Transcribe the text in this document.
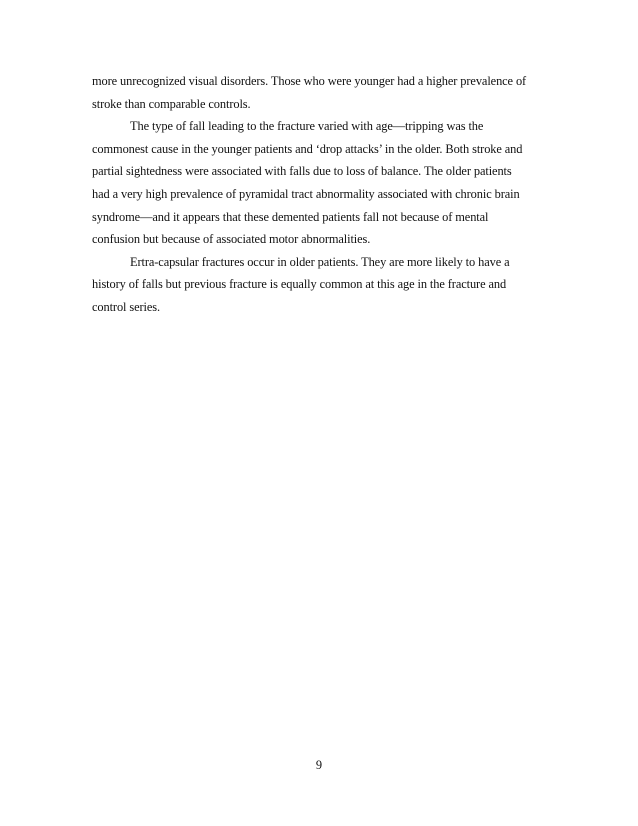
more unrecognized visual disorders. Those who were younger had a higher prevalence of
stroke than comparable controls.
The type of fall leading to the fracture varied with age—tripping was the
commonest cause in the younger patients and ‘drop attacks’ in the older. Both stroke and
partial sightedness were associated with falls due to loss of balance. The older patients
had a very high prevalence of pyramidal tract abnormality associated with chronic brain
syndrome—and it appears that these demented patients fall not because of mental
confusion but because of associated motor abnormalities.
Ertra-capsular fractures occur in older patients. They are more likely to have a
history of falls but previous fracture is equally common at this age in the fracture and
control series.
9
